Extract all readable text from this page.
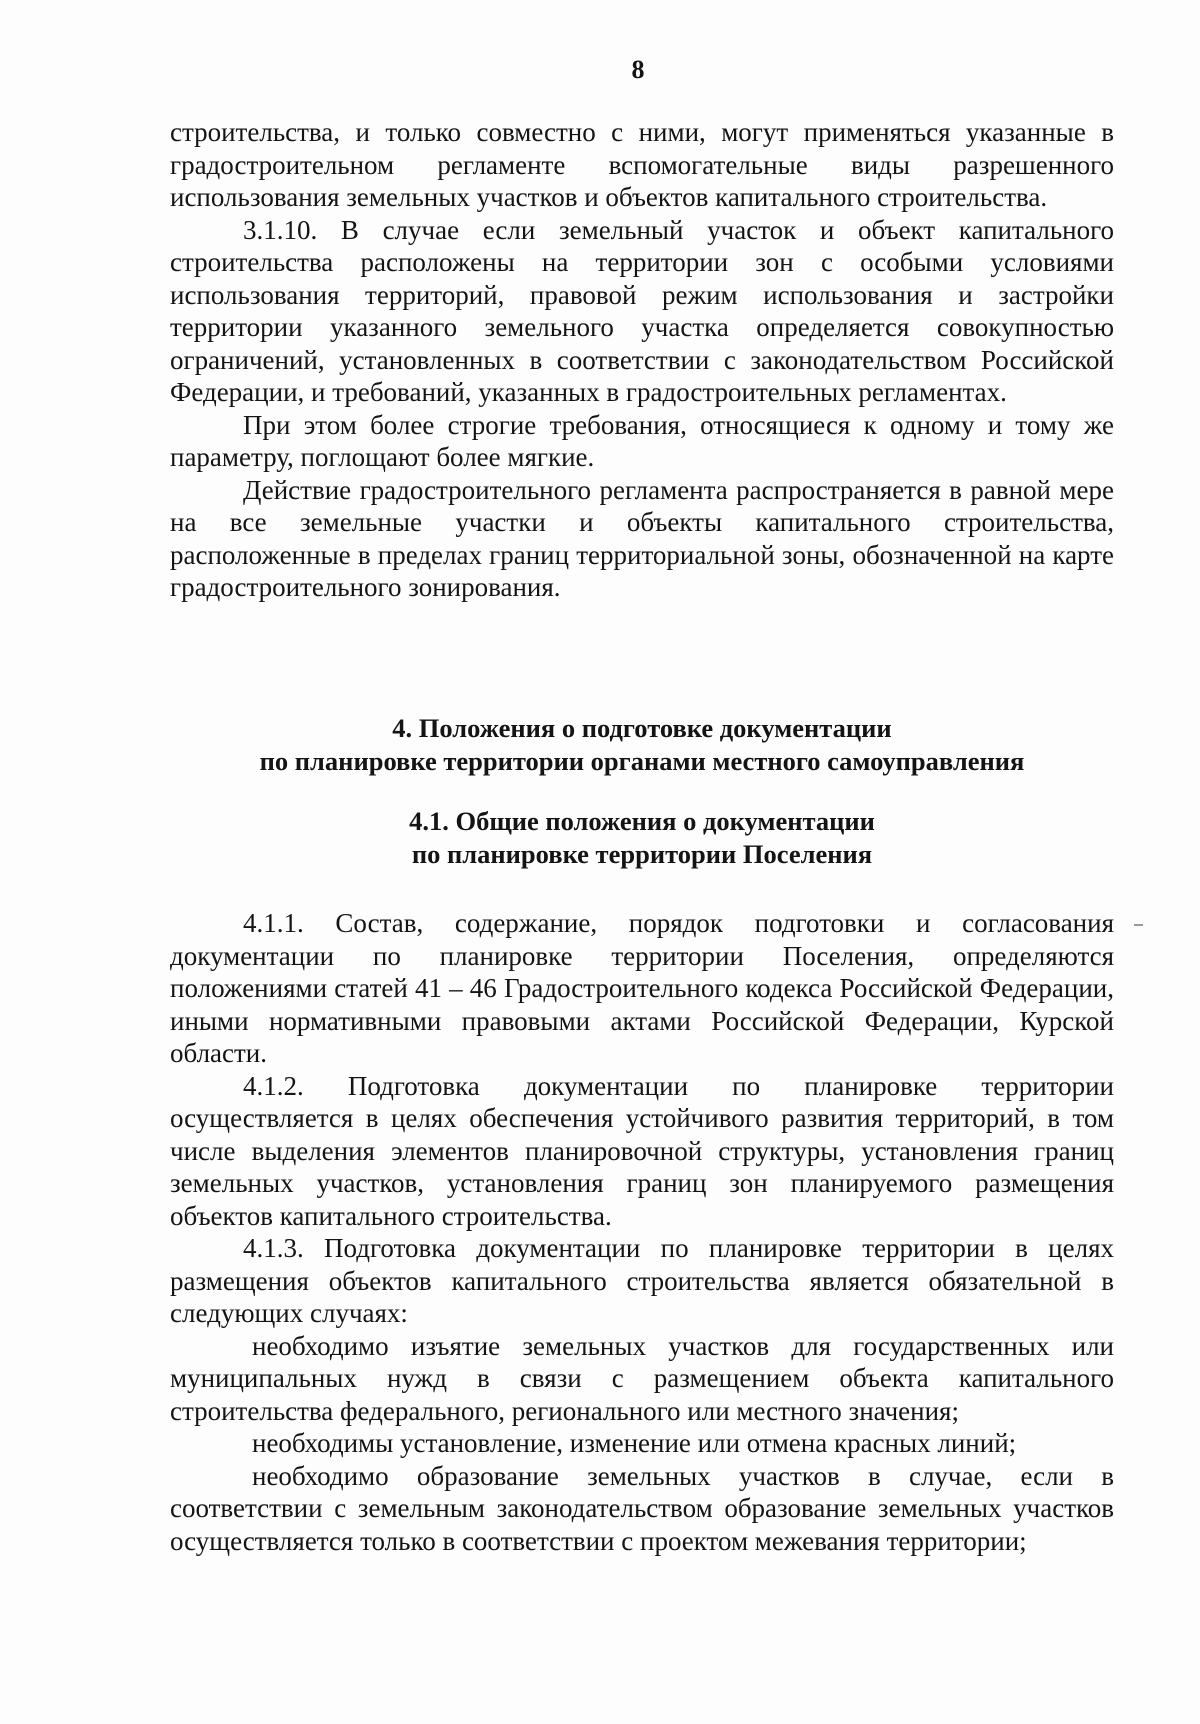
8

строительства, и только совместно с ними, могут применяться указанные в градостроительном регламенте вспомогательные виды разрешенного использования земельных участков и объектов капитального строительства.

3.1.10. В случае если земельный участок и объект капитального строительства расположены на территории зон с особыми условиями использования территорий, правовой режим использования и застройки территории указанного земельного участка определяется совокупностью ограничений, установленных в соответствии с законодательством Российской Федерации, и требований, указанных в градостроительных регламентах.

При этом более строгие требования, относящиеся к одному и тому же параметру, поглощают более мягкие.

Действие градостроительного регламента распространяется в равной мере на все земельные участки и объекты капитального строительства, расположенные в пределах границ территориальной зоны, обозначенной на карте градостроительного зонирования.

4. Положения о подготовке документации
по планировке территории органами местного самоуправления
4.1. Общие положения о документации
по планировке территории Поселения

4.1.1. Состав, содержание, порядок подготовки и согласования документации по планировке территории Поселения, определяются положениями статей 41 – 46 Градостроительного кодекса Российской Федерации, иными нормативными правовыми актами Российской Федерации, Курской области.

4.1.2. Подготовка документации по планировке территории осуществляется в целях обеспечения устойчивого развития территорий, в том числе выделения элементов планировочной структуры, установления границ земельных участков, установления границ зон планируемого размещения объектов капитального строительства.

4.1.3. Подготовка документации по планировке территории в целях размещения объектов капитального строительства является обязательной в следующих случаях:

необходимо изъятие земельных участков для государственных или муниципальных нужд в связи с размещением объекта капитального строительства федерального, регионального или местного значения;

необходимы установление, изменение или отмена красных линий;

необходимо образование земельных участков в случае, если в соответствии с земельным законодательством образование земельных участков осуществляется только в соответствии с проектом межевания территории;
